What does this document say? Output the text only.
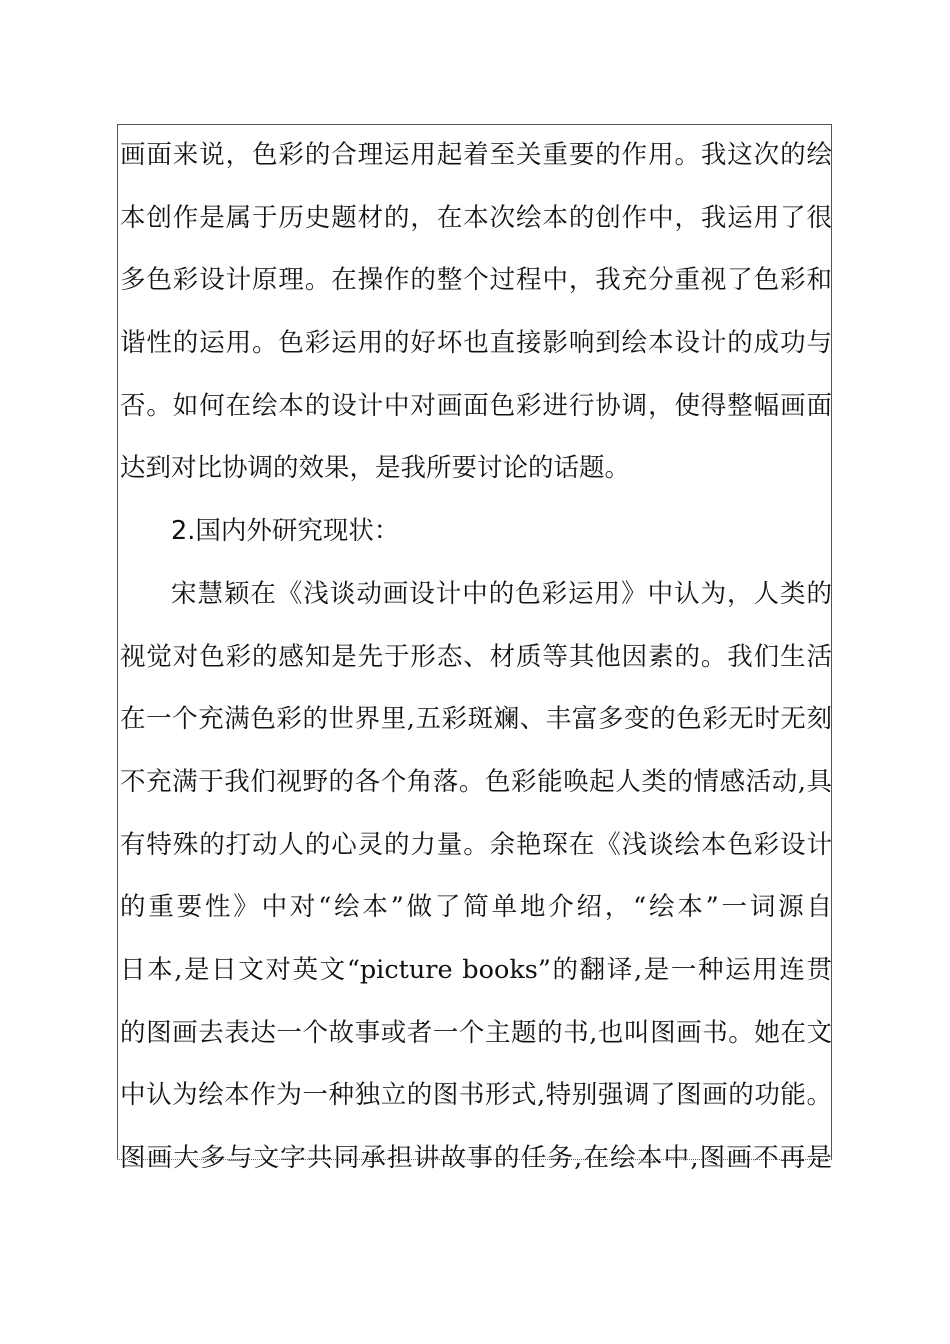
画面来说，色彩的合理运用起着至关重要的作用。我这次的绘
本创作是属于历史题材的，在本次绘本的创作中，我运用了很
多色彩设计原理。在操作的整个过程中，我充分重视了色彩和
谐性的运用。色彩运用的好坏也直接影响到绘本设计的成功与
否。如何在绘本的设计中对画面色彩进行协调，使得整幅画面
达到对比协调的效果，是我所要讨论的话题。
2.国内外研究现状：
宋慧颖在《浅谈动画设计中的色彩运用》中认为，人类的
视觉对色彩的感知是先于形态、材质等其他因素的。我们生活
在一个充满色彩的世界里,五彩斑斓、丰富多变的色彩无时无刻
不充满于我们视野的各个角落。色彩能唤起人类的情感活动,具
有特殊的打动人的心灵的力量。余艳琛在《浅谈绘本色彩设计
的重要性》中对“绘本”做了简单地介绍，“绘本”一词源自
日本,是日文对英文“picture books”的翻译,是一种运用连贯
的图画去表达一个故事或者一个主题的书,也叫图画书。她在文
中认为绘本作为一种独立的图书形式,特别强调了图画的功能。
图画大多与文字共同承担讲故事的任务,在绘本中,图画不再是
